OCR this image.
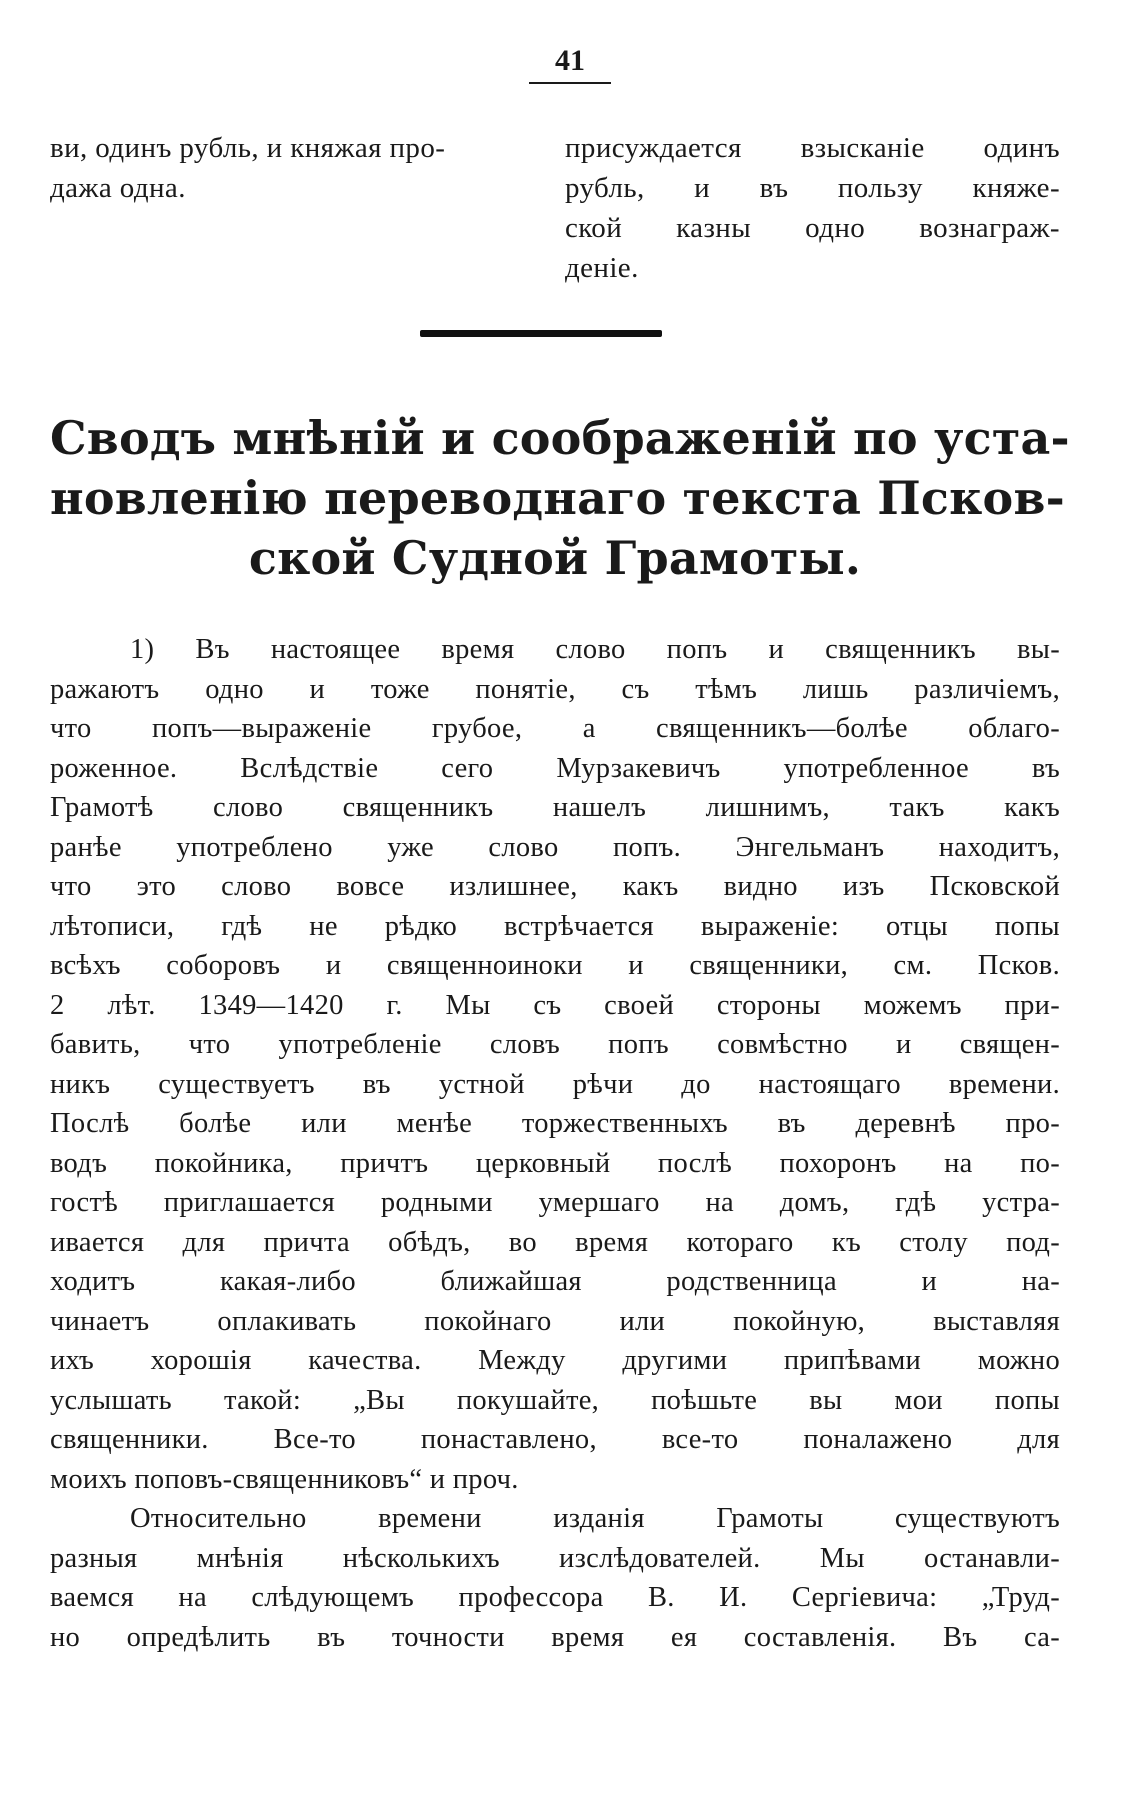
41
ви, одинъ рубль, и княжая про-
дажа одна.
присуждается взысканіе одинъ
рубль, и въ пользу княже-
ской казны одно вознаграж-
деніе.
Сводъ мнѣній и соображеній по уста-
новленію переводнаго текста Псков-
ской Судной Грамоты.
1) Въ настоящее время слово попъ и священникъ вы-
ражаютъ одно и тоже понятіе, съ тѣмъ лишь различіемъ,
что попъ—выраженіе грубое, а священникъ—болѣе облаго-
роженное. Вслѣдствіе сего Мурзакевичъ употребленное въ
Грамотѣ слово священникъ нашелъ лишнимъ, такъ какъ
ранѣе употреблено уже слово попъ. Энгельманъ находитъ,
что это слово вовсе излишнее, какъ видно изъ Псковской
лѣтописи, гдѣ не рѣдко встрѣчается выраженіе: отцы попы
всѣхъ соборовъ и священноиноки и священники, см. Псков.
2 лѣт. 1349—1420 г. Мы съ своей стороны можемъ при-
бавить, что употребленіе словъ попъ совмѣстно и священ-
никъ существуетъ въ устной рѣчи до настоящаго времени.
Послѣ болѣе или менѣе торжественныхъ въ деревнѣ про-
водъ покойника, причтъ церковный послѣ похоронъ на по-
гостѣ приглашается родными умершаго на домъ, гдѣ устра-
ивается для причта обѣдъ, во время котораго къ столу под-
ходитъ какая-либо ближайшая родственница и на-
чинаетъ оплакивать покойнаго или покойную, выставляя
ихъ хорошія качества. Между другими припѣвами можно
услышать такой: „Вы покушайте, поѣшьте вы мои попы
священники. Все-то понаставлено, все-то поналажено для
моихъ поповъ-священниковъ“ и проч.
Относительно времени изданія Грамоты существуютъ
разныя мнѣнія нѣсколькихъ изслѣдователей. Мы останавли-
ваемся на слѣдующемъ профессора В. И. Сергіевича: „Труд-
но опредѣлить въ точности время ея составленія. Въ са-
